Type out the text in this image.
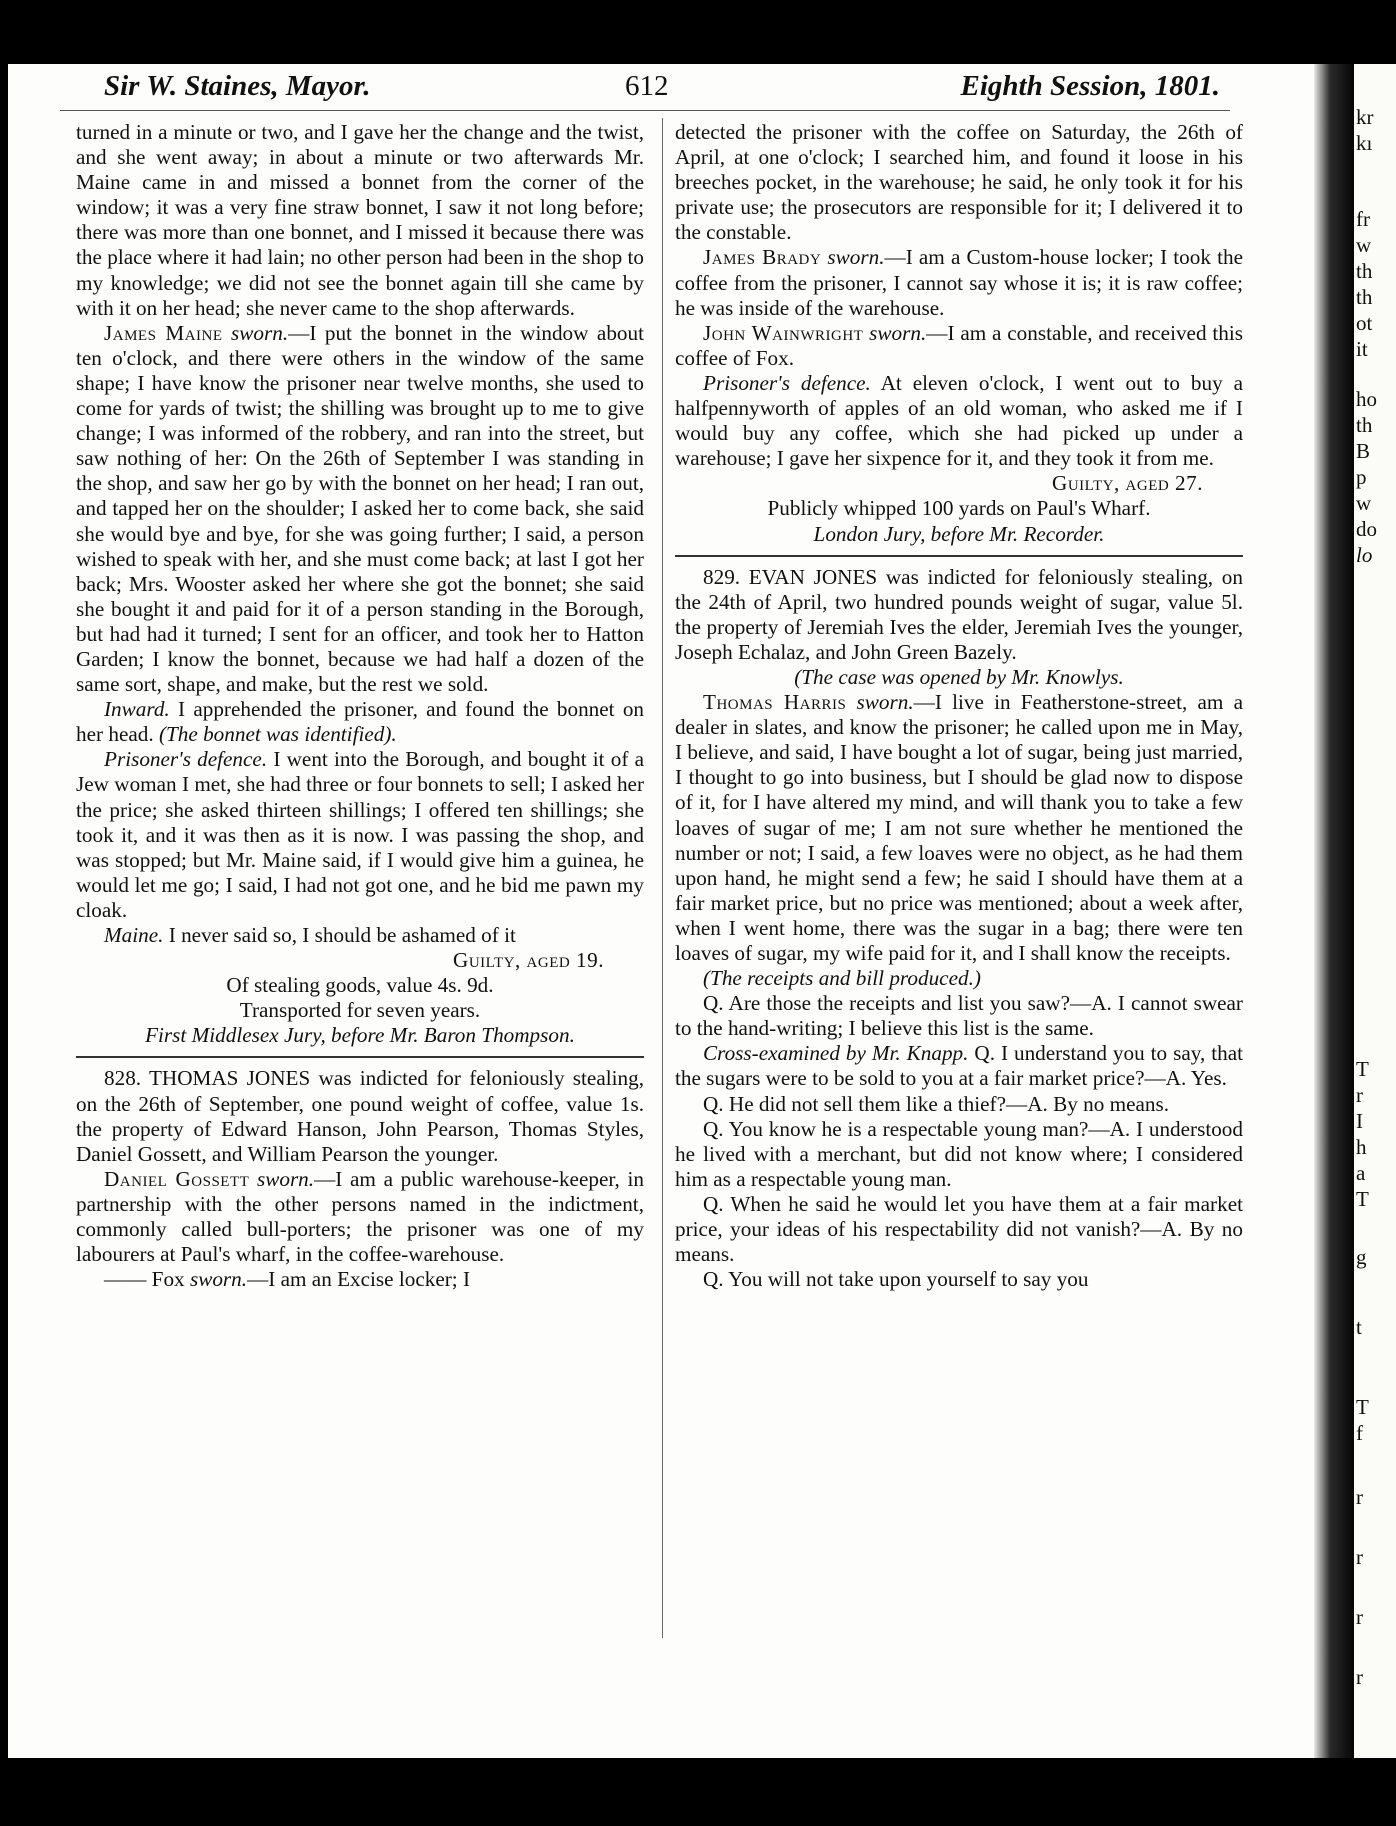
Sir W. Staines, Mayor.	612	Eighth Session, 1801.

turned in a minute or two, and I gave her the change and the twist, and she went away; in about a minute or two afterwards Mr. Maine came in and missed a bonnet from the corner of the window; it was a very fine straw bonnet, I saw it not long before; there was more than one bonnet, and I missed it because there was the place where it had lain; no other person had been in the shop to my knowledge; we did not see the bonnet again till she came by with it on her head; she never came to the shop afterwards.

James Maine sworn.—I put the bonnet in the window about ten o'clock, and there were others in the window of the same shape; I have know the prisoner near twelve months, she used to come for yards of twist; the shilling was brought up to me to give change; I was informed of the robbery, and ran into the street, but saw nothing of her: On the 26th of September I was standing in the shop, and saw her go by with the bonnet on her head; I ran out, and tapped her on the shoulder; I asked her to come back, she said she would bye and bye, for she was going further; I said, a person wished to speak with her, and she must come back; at last I got her back; Mrs. Wooster asked her where she got the bonnet; she said she bought it and paid for it of a person standing in the Borough, but had had it turned; I sent for an officer, and took her to Hatton Garden; I know the bonnet, because we had half a dozen of the same sort, shape, and make, but the rest we sold.

Inward. I apprehended the prisoner, and found the bonnet on her head. (The bonnet was identified).

Prisoner's defence. I went into the Borough, and bought it of a Jew woman I met, she had three or four bonnets to sell; I asked her the price; she asked thirteen shillings; I offered ten shillings; she took it, and it was then as it is now. I was passing the shop, and was stopped; but Mr. Maine said, if I would give him a guinea, he would let me go; I said, I had not got one, and he bid me pawn my cloak.

Maine. I never said so, I should be ashamed of it

Guilty, aged 19.

Of stealing goods, value 4s. 9d.

Transported for seven years.

First Middlesex Jury, before Mr. Baron Thompson.

828. THOMAS JONES was indicted for feloniously stealing, on the 26th of September, one pound weight of coffee, value 1s. the property of Edward Hanson, John Pearson, Thomas Styles, Daniel Gossett, and William Pearson the younger.

Daniel Gossett sworn.—I am a public warehouse-keeper, in partnership with the other persons named in the indictment, commonly called bull-porters; the prisoner was one of my labourers at Paul's wharf, in the coffee-warehouse.

—— Fox sworn.—I am an Excise locker; I

detected the prisoner with the coffee on Saturday, the 26th of April, at one o'clock; I searched him, and found it loose in his breeches pocket, in the warehouse; he said, he only took it for his private use; the prosecutors are responsible for it; I delivered it to the constable.

James Brady sworn.—I am a Custom-house locker; I took the coffee from the prisoner, I cannot say whose it is; it is raw coffee; he was inside of the warehouse.

John Wainwright sworn.—I am a constable, and received this coffee of Fox.

Prisoner's defence. At eleven o'clock, I went out to buy a halfpennyworth of apples of an old woman, who asked me if I would buy any coffee, which she had picked up under a warehouse; I gave her sixpence for it, and they took it from me.

Guilty, aged 27.

Publicly whipped 100 yards on Paul's Wharf.

London Jury, before Mr. Recorder.

829. EVAN JONES was indicted for feloniously stealing, on the 24th of April, two hundred pounds weight of sugar, value 5l. the property of Jeremiah Ives the elder, Jeremiah Ives the younger, Joseph Echalaz, and John Green Bazely.

(The case was opened by Mr. Knowlys.

Thomas Harris sworn.—I live in Featherstone-street, am a dealer in slates, and know the prisoner; he called upon me in May, I believe, and said, I have bought a lot of sugar, being just married, I thought to go into business, but I should be glad now to dispose of it, for I have altered my mind, and will thank you to take a few loaves of sugar of me; I am not sure whether he mentioned the number or not; I said, a few loaves were no object, as he had them upon hand, he might send a few; he said I should have them at a fair market price, but no price was mentioned; about a week after, when I went home, there was the sugar in a bag; there were ten loaves of sugar, my wife paid for it, and I shall know the receipts.

(The receipts and bill produced.)

Q. Are those the receipts and list you saw?—A. I cannot swear to the hand-writing; I believe this list is the same.

Cross-examined by Mr. Knapp. Q. I understand you to say, that the sugars were to be sold to you at a fair market price?—A. Yes.

Q. He did not sell them like a thief?—A. By no means.

Q. You know he is a respectable young man?—A. I understood he lived with a merchant, but did not know where; I considered him as a respectable young man.

Q. When he said he would let you have them at a fair market price, your ideas of his respectability did not vanish?—A. By no means.

Q. You will not take upon yourself to say you

kr
kı
fr
w
th
th
ot
it
ho
th
B
p
w
do
lo
T
r
I
h
a
T
g
t
T
f
r
r
r
r
